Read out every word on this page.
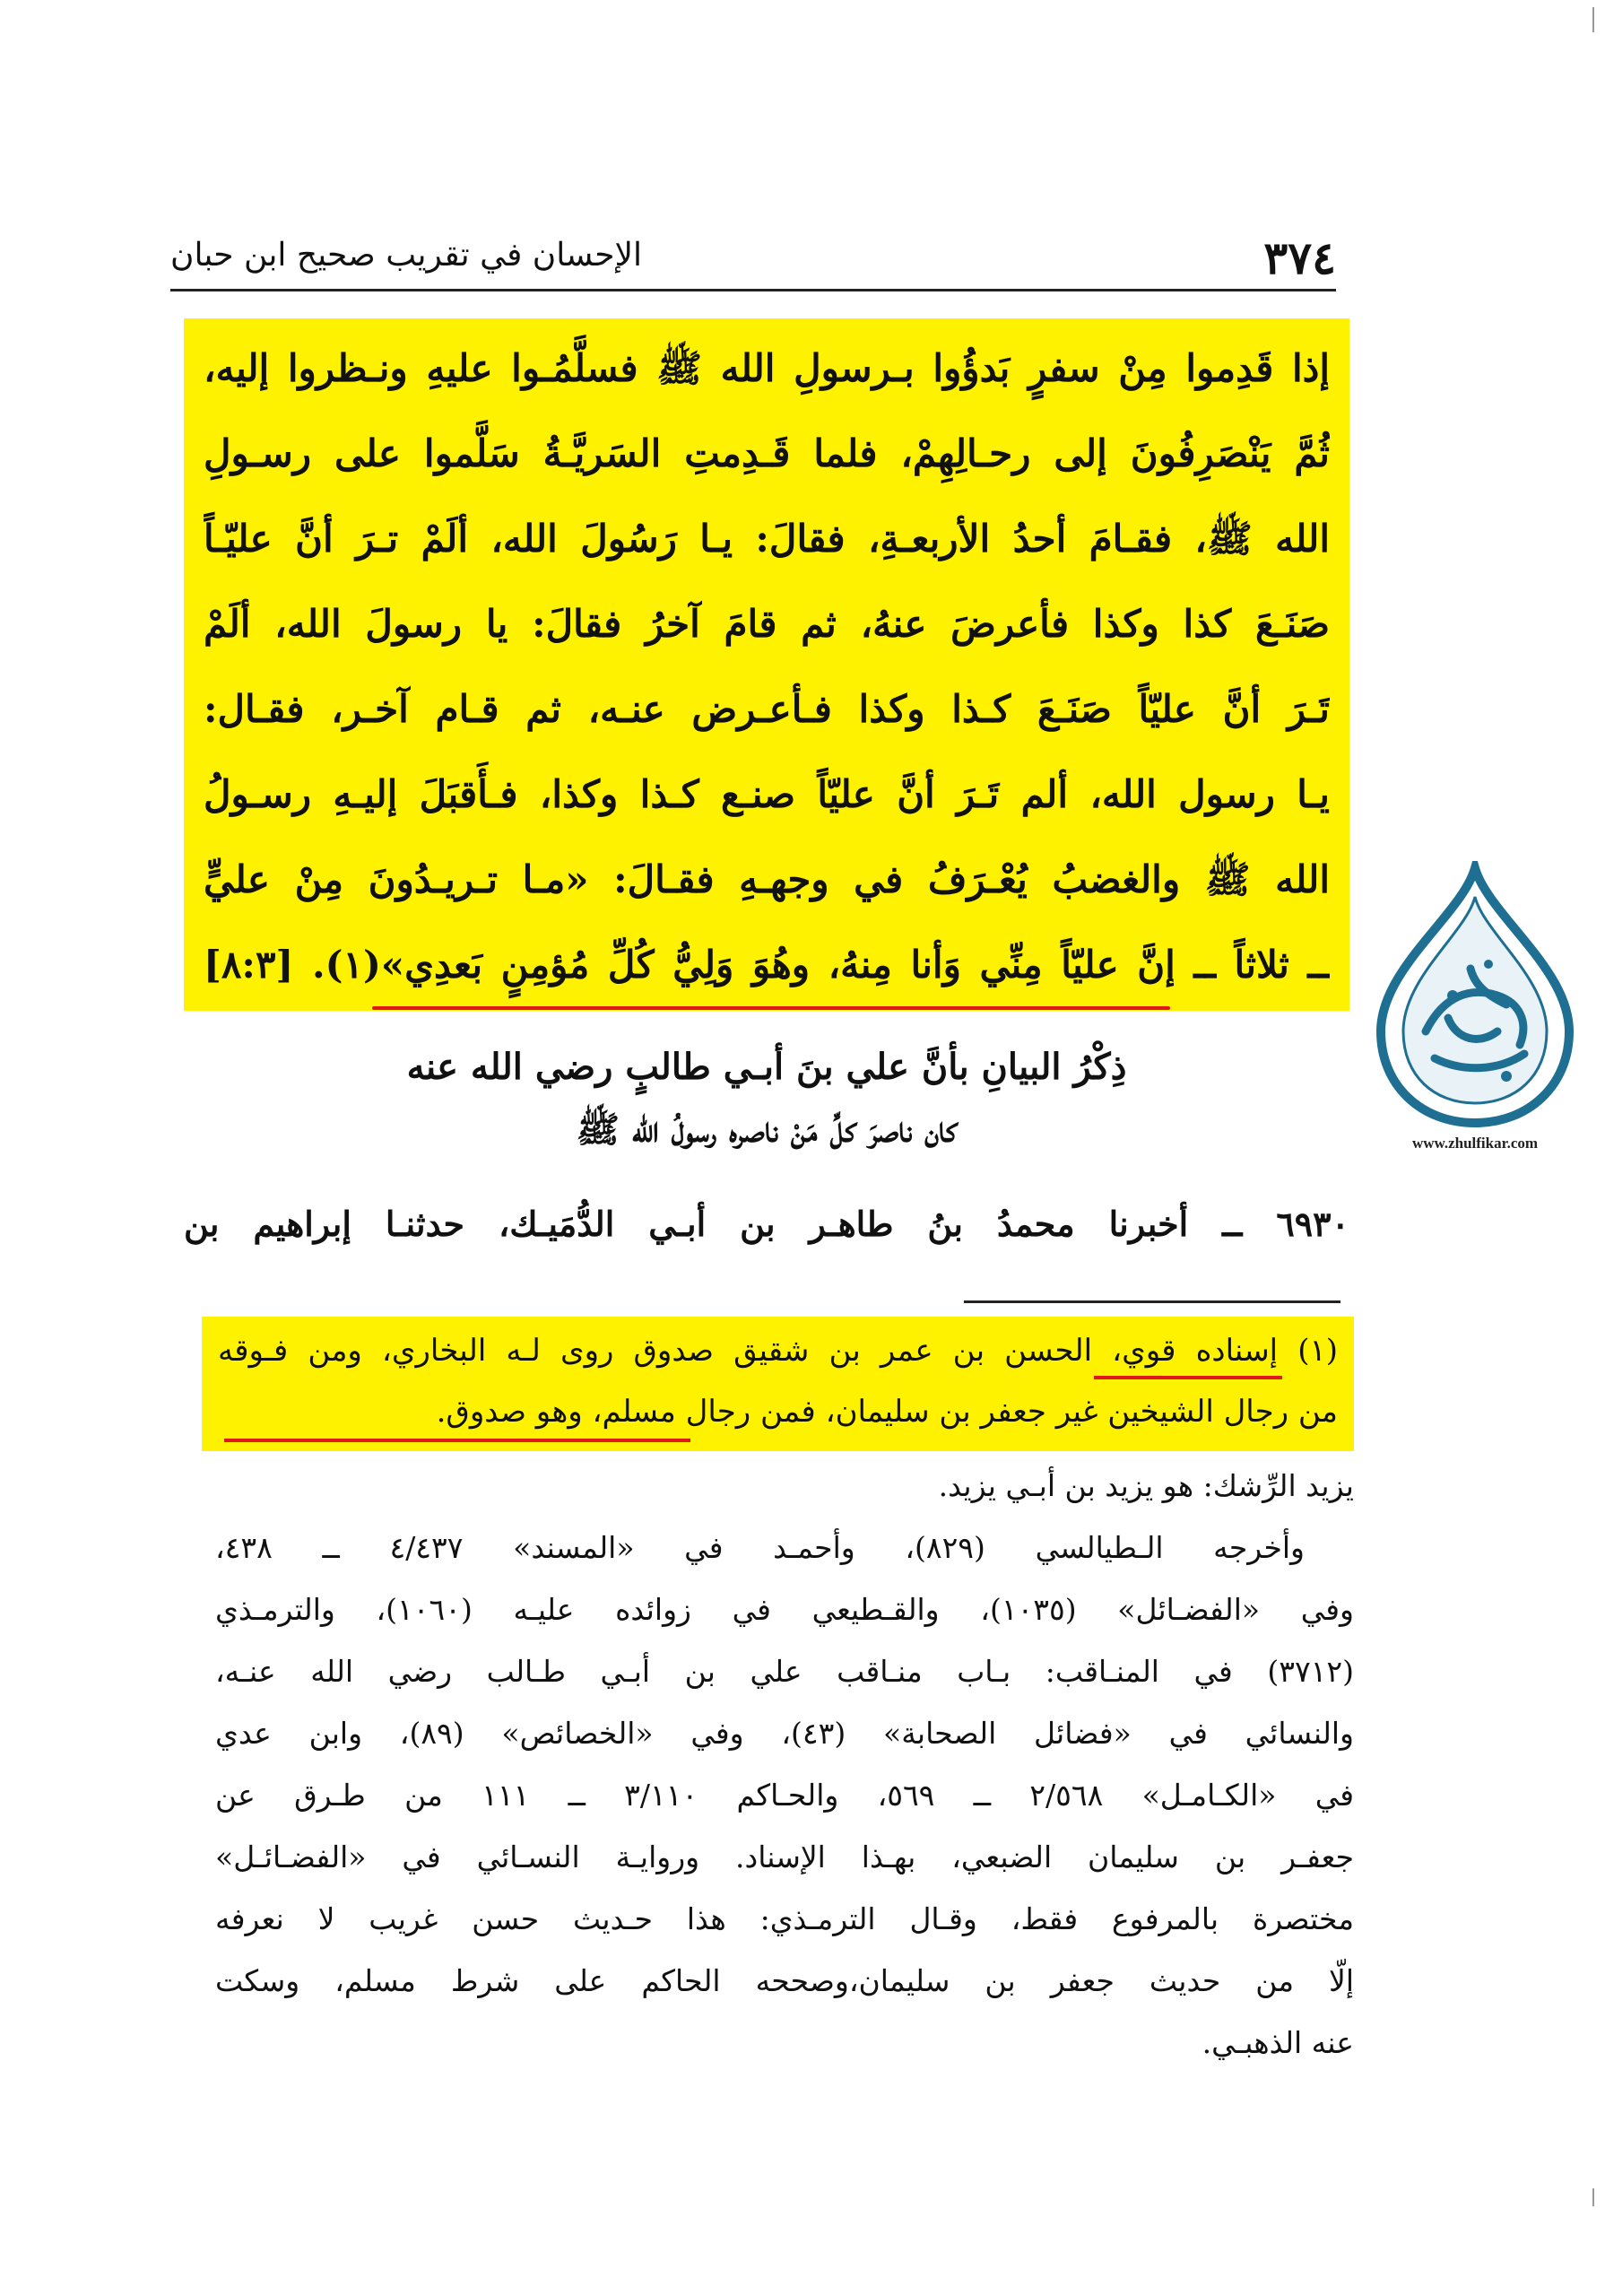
٣٧٤
الإحسان في تقريب صحيح ابن حبان
إذا قَدِموا مِنْ سفرٍ بَدؤُوا بـرسولِ الله ﷺ فسلَّمُـوا عليهِ ونـظروا إليه،
ثُمَّ يَنْصَرِفُونَ إلى رحـالِهِمْ، فلما قَـدِمتِ السَريَّـةُ سَلَّموا على رسـولِ
الله ﷺ، فقـامَ أحدُ الأربعـةِ، فقالَ: يـا رَسُولَ الله، ألَمْ تـرَ أنَّ عليّـاً
صَنَـعَ كذا وكذا فأعرضَ عنهُ، ثم قامَ آخرُ فقالَ: يا رسولَ الله، ألَمْ
تَـرَ أنَّ عليّاً صَنَـعَ كـذا وكذا فـأعـرض عنـه، ثم قـام آخـر، فقـال:
يـا رسول الله، ألم تَـرَ أنَّ عليّاً صنـع كـذا وكذا، فـأَقبَلَ إليـهِ رسـولُ
الله ﷺ والغضبُ يُعْـرَفُ في وجهـهِ فقـالَ: «مـا تـريـدُونَ مِنْ عليٍّ
ــ ثلاثاً ــ إنَّ عليّاً مِنِّي وَأنا مِنهُ، وهُوَ وَلِيُّ كُلِّ مُؤمِنٍ بَعدِي»(١). [٨:٣]
www.zhulfikar.com
ذِكْرُ البيانِ بأنَّ علي بنَ أبـي طالبٍ رضي الله عنه
كان ناصرَ كلِّ مَنْ ناصره رسولُ الله ﷺ
٦٩٣٠ ــ أخبرنا محمدُ بنُ طاهـر بن أبـي الدُّمَيـك، حدثنـا إبراهيم بن
(١) إسناده قوي، الحسن بن عمر بن شقيق صدوق روى لـه البخاري، ومن فـوقه
من رجال الشيخين غير جعفر بن سليمان، فمن رجال مسلم، وهو صدوق.
يزيد الرِّشك: هو يزيد بن أبـي يزيد.
وأخرجه الـطيالسي (٨٢٩)، وأحمـد في «المسند» ٤/٤٣٧ ــ ٤٣٨،
وفي «الفضـائل» (١٠٣٥)، والقـطيعي في زوائده عليـه (١٠٦٠)، والترمـذي
(٣٧١٢) في المنـاقب: بـاب منـاقب علي بن أبـي طـالب رضي الله عنـه،
والنسائي في «فضائل الصحابة» (٤٣)، وفي «الخصائص» (٨٩)، وابن عدي
في «الكـامـل» ٢/٥٦٨ ــ ٥٦٩، والحـاكم ٣/١١٠ ــ ١١١ من طـرق عن
جعفـر بن سليمان الضبعي، بهـذا الإسناد. وروايـة النسـائي في «الفضـائـل»
مختصرة بالمرفوع فقط، وقـال الترمـذي: هذا حـديث حسن غريب لا نعرفه
إلّا من حديث جعفر بن سليمان،وصححه الحاكم على شرط مسلم، وسكت
عنه الذهبـي.
